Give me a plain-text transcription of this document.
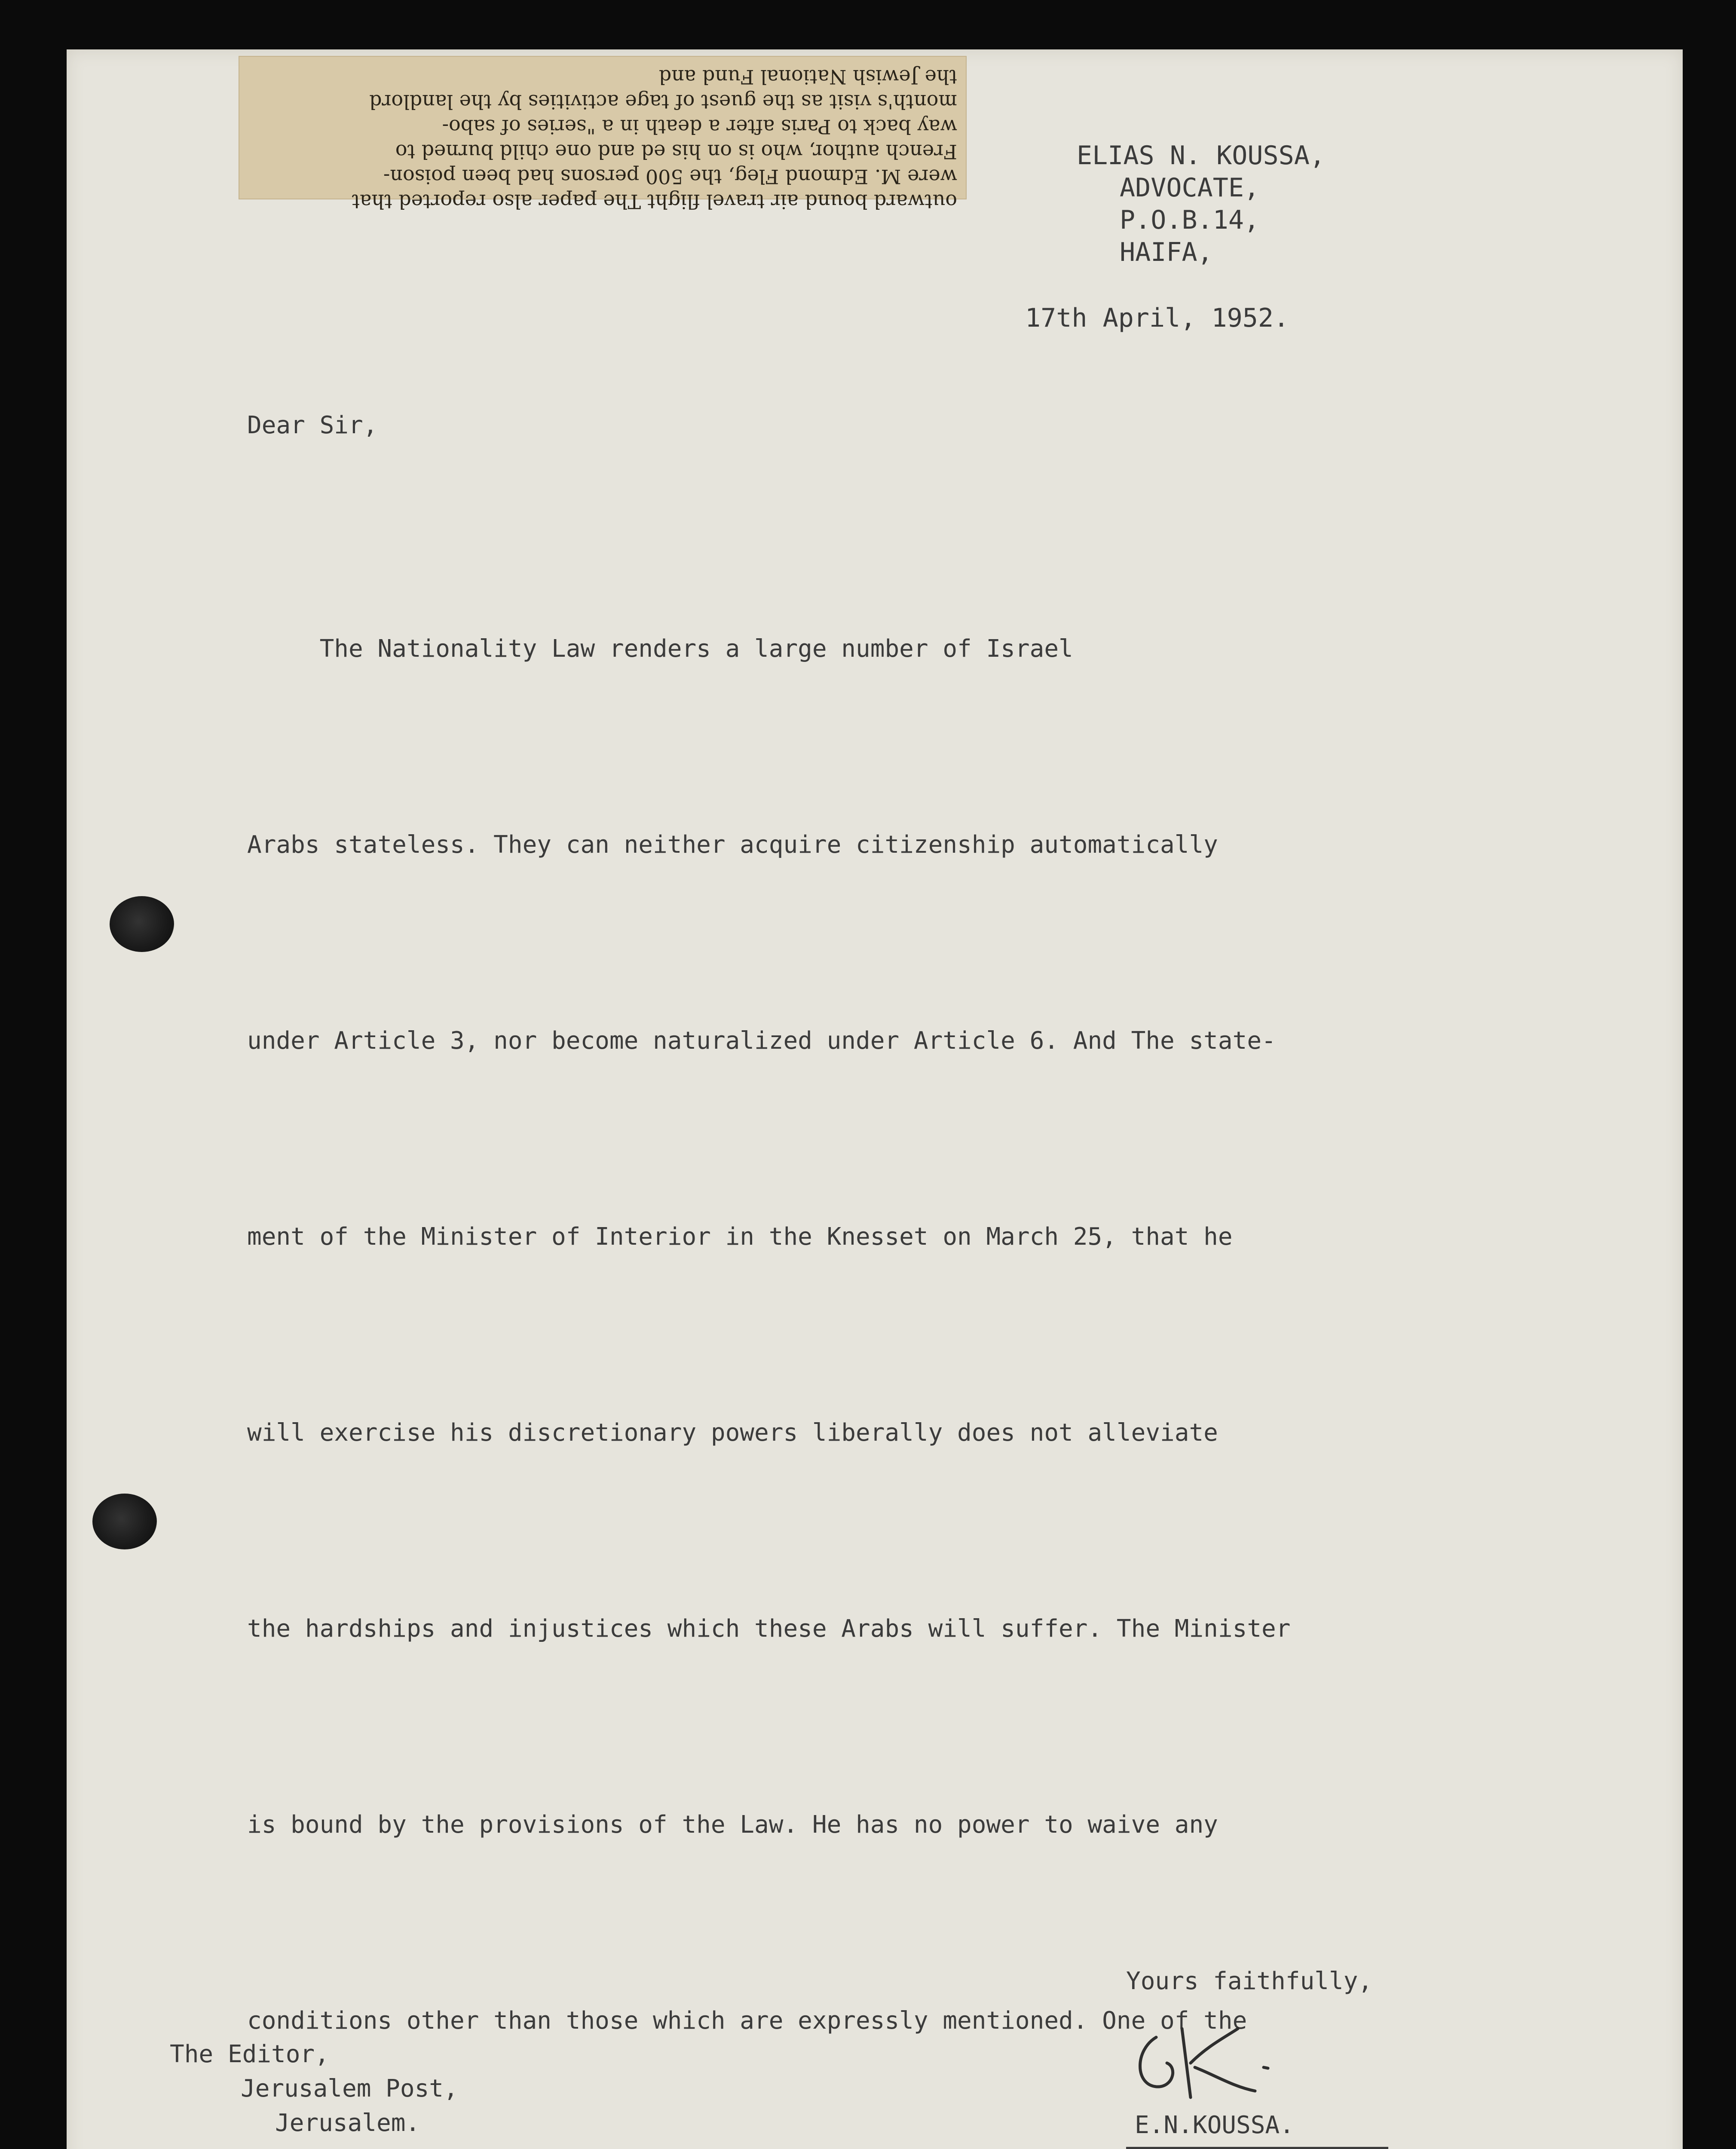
outward bound air travel flight The paper also reported that
were M. Edmond Fleg, the 500 persons had been poison-
French author, who is on his ed and one child burned to
way back to Paris after a death in a "series of sabo-
month's visit as the guest of tage activities by the landlord
the Jewish National Fund and
ELIAS N. KOUSSA,
ADVOCATE,
P.O.B.14,
HAIFA,
17th April, 1952.
Dear Sir,

The Nationality Law renders a large number of Israel

Arabs stateless. They can neither acquire citizenship automatically

under Article 3, nor become naturalized under Article 6. And The state-

ment of the Minister of Interior in the Knesset on March 25, that he

will exercise his discretionary powers liberally does not alleviate

the hardships and injustices which these Arabs will suffer. The Minister

is bound by the provisions of the Law. He has no power to waive any

conditions other than those which are expressly mentioned. One of the

Yours faithfully,
E.N.KOUSSA.
The Editor,
Jerusalem Post,
Jerusalem.
